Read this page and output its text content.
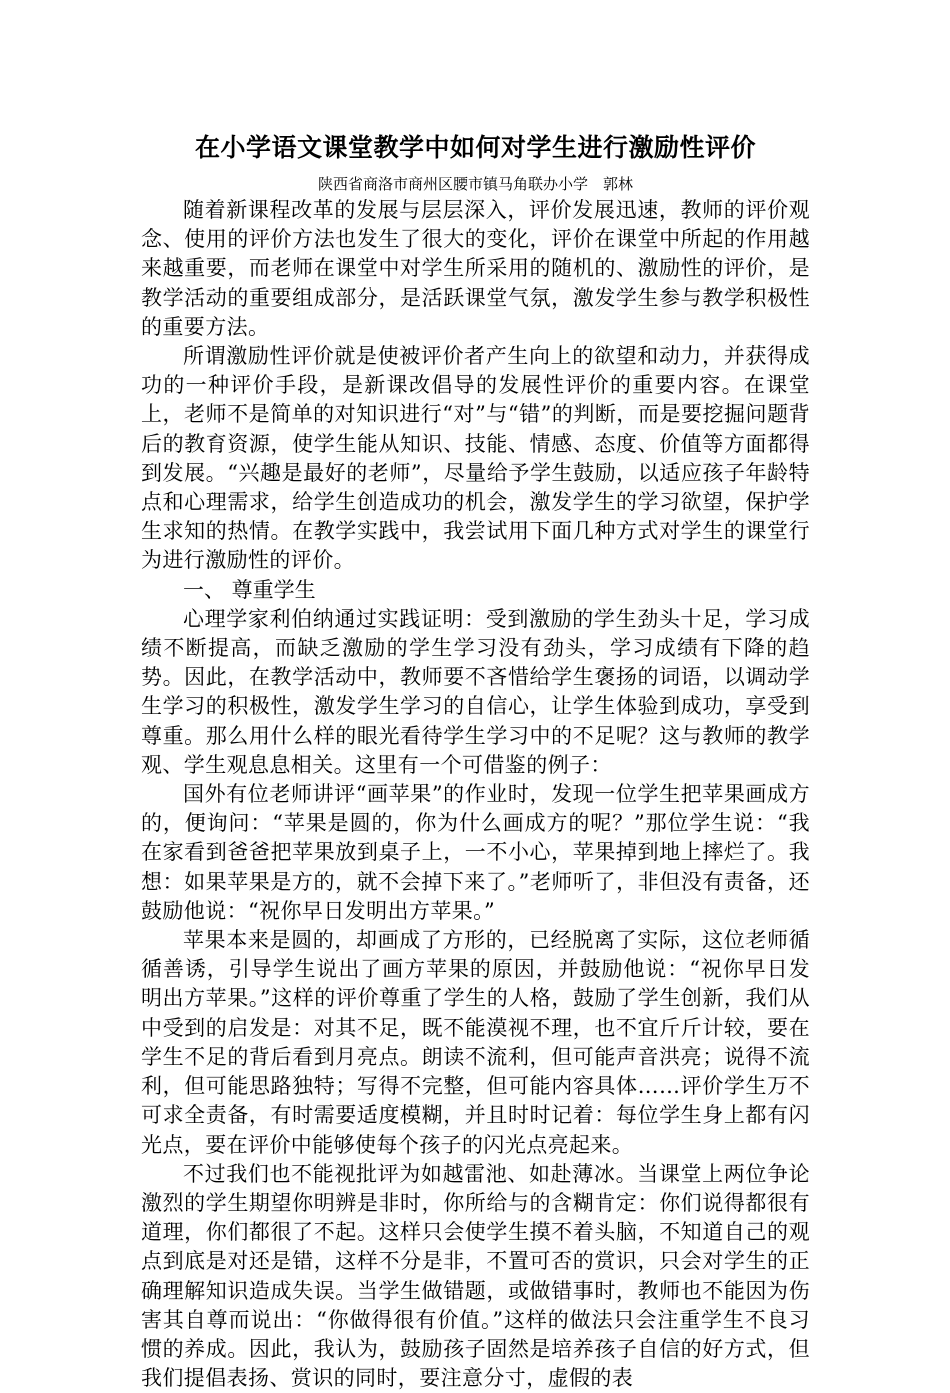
在小学语文课堂教学中如何对学生进行激励性评价
陕西省商洛市商州区腰市镇马角联办小学　郭林

随着新课程改革的发展与层层深入，评价发展迅速，教师的评价观念、使用的评价方法也发生了很大的变化，评价在课堂中所起的作用越来越重要，而老师在课堂中对学生所采用的随机的、激励性的评价，是教学活动的重要组成部分，是活跃课堂气氛，激发学生参与教学积极性的重要方法。

所谓激励性评价就是使被评价者产生向上的欲望和动力，并获得成功的一种评价手段，是新课改倡导的发展性评价的重要内容。在课堂上，老师不是简单的对知识进行“对”与“错”的判断，而是要挖掘问题背后的教育资源，使学生能从知识、技能、情感、态度、价值等方面都得到发展。“兴趣是最好的老师”，尽量给予学生鼓励，以适应孩子年龄特点和心理需求，给学生创造成功的机会，激发学生的学习欲望，保护学生求知的热情。在教学实践中，我尝试用下面几种方式对学生的课堂行为进行激励性的评价。

一、 尊重学生

心理学家利伯纳通过实践证明：受到激励的学生劲头十足，学习成绩不断提高，而缺乏激励的学生学习没有劲头，学习成绩有下降的趋势。因此，在教学活动中，教师要不吝惜给学生褒扬的词语，以调动学生学习的积极性，激发学生学习的自信心，让学生体验到成功，享受到尊重。那么用什么样的眼光看待学生学习中的不足呢？这与教师的教学观、学生观息息相关。这里有一个可借鉴的例子：

国外有位老师讲评“画苹果”的作业时，发现一位学生把苹果画成方的，便询问：“苹果是圆的，你为什么画成方的呢？”那位学生说：“我在家看到爸爸把苹果放到桌子上，一不小心，苹果掉到地上摔烂了。我想：如果苹果是方的，就不会掉下来了。”老师听了，非但没有责备，还鼓励他说：“祝你早日发明出方苹果。”

苹果本来是圆的，却画成了方形的，已经脱离了实际，这位老师循循善诱，引导学生说出了画方苹果的原因，并鼓励他说：“祝你早日发明出方苹果。”这样的评价尊重了学生的人格，鼓励了学生创新，我们从中受到的启发是：对其不足，既不能漠视不理，也不宜斤斤计较，要在学生不足的背后看到月亮点。朗读不流利，但可能声音洪亮；说得不流利，但可能思路独特；写得不完整，但可能内容具体……评价学生万不可求全责备，有时需要适度模糊，并且时时记着：每位学生身上都有闪光点，要在评价中能够使每个孩子的闪光点亮起来。

不过我们也不能视批评为如越雷池、如赴薄冰。当课堂上两位争论激烈的学生期望你明辨是非时，你所给与的含糊肯定：你们说得都很有道理，你们都很了不起。这样只会使学生摸不着头脑，不知道自己的观点到底是对还是错，这样不分是非，不置可否的赏识，只会对学生的正确理解知识造成失误。当学生做错题，或做错事时，教师也不能因为伤害其自尊而说出：“你做得很有价值。”这样的做法只会注重学生不良习惯的养成。因此，我认为，鼓励孩子固然是培养孩子自信的好方式，但我们提倡表扬、赏识的同时，要注意分寸，虚假的表
